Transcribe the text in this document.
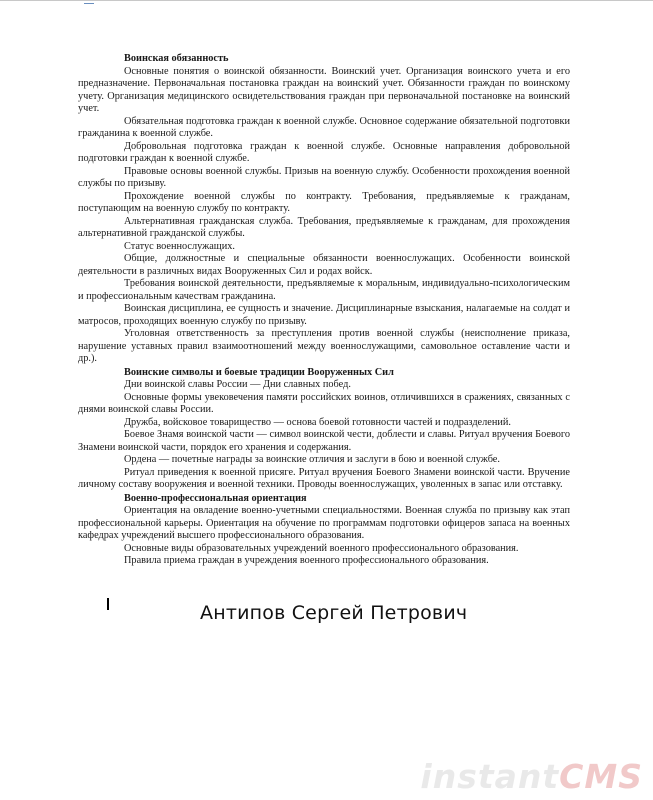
Воинская обязанность

Основные понятия о воинской обязанности. Воинский учет. Организация воинского учета и его предназначение. Первоначальная постановка граждан на воинский учет. Обязанности граждан по воинскому учету. Организация медицинского освидетельствования граждан при первоначальной постановке на воинский учет.

Обязательная подготовка граждан к военной службе. Основное содержание обязательной подготовки гражданина к военной службе.

Добровольная подготовка граждан к военной службе. Основные направления добровольной подготовки граждан к военной службе.

Правовые основы военной службы. Призыв на военную службу. Особенности прохождения военной службы по призыву.

Прохождение военной службы по контракту. Требования, предъявляемые к гражданам, поступающим на военную службу по контракту.

Альтернативная гражданская служба. Требования, предъявляемые к гражданам, для прохождения альтернативной гражданской службы.

Статус военнослужащих.

Общие, должностные и специальные обязанности военнослужащих. Особенности воинской деятельности в различных видах Вооруженных Сил и родах войск.

Требования воинской деятельности, предъявляемые к моральным, индивидуально-психологическим и профессиональным качествам гражданина.

Воинская дисциплина, ее сущность и значение. Дисциплинарные взыскания, налагаемые на солдат и матросов, проходящих военную службу по призыву.

Уголовная ответственность за преступления против военной службы (неисполнение приказа, нарушение уставных правил взаимоотношений между военнослужащими, самовольное оставление части и др.).

Воинские символы и боевые традиции Вооруженных Сил

Дни воинской славы России — Дни славных побед.

Основные формы увековечения памяти российских воинов, отличившихся в сражениях, связанных с днями воинской славы России.

Дружба, войсковое товарищество — основа боевой готовности частей и подразделений.

Боевое Знамя воинской части — символ воинской чести, доблести и славы. Ритуал вручения Боевого Знамени воинской части, порядок его хранения и содержания.

Ордена — почетные награды за воинские отличия и заслуги в бою и военной службе.

Ритуал приведения к военной присяге. Ритуал вручения Боевого Знамени воинской части. Вручение личному составу вооружения и военной техники. Проводы военнослужащих, уволенных в запас или отставку.

Военно-профессиональная ориентация

Ориентация на овладение военно-учетными специальностями. Военная служба по призыву как этап профессиональной карьеры. Ориентация на обучение по программам подготовки офицеров запаса на военных кафедрах учреждений высшего профессионального образования.

Основные виды образовательных учреждений военного профессионального образования.

Правила приема граждан в учреждения военного профессионального образования.

Антипов Сергей Петрович
instantCMS
